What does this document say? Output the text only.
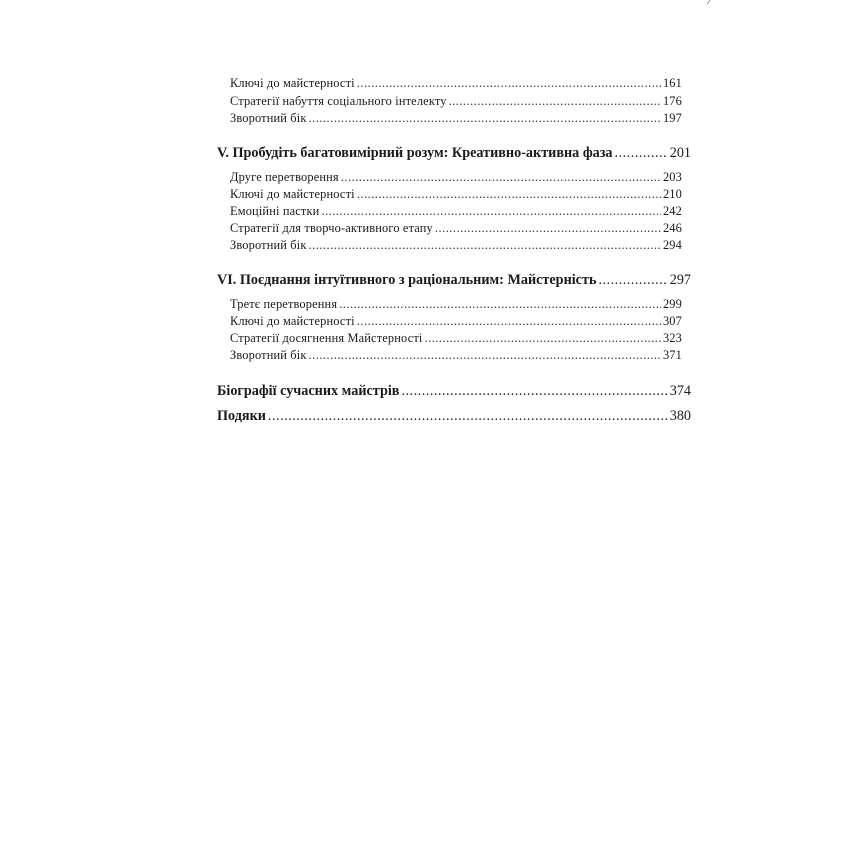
Ключі до майстерності .....	161
Стратегії набуття соціального інтелекту .....	176
Зворотний бік .....	197
V. Пробудіть багатовимірний розум: Креативно-активна фаза .....	201
Друге перетворення .....	203
Ключі до майстерності .....	210
Емоційні пастки .....	242
Стратегії для творчо-активного етапу .....	246
Зворотний бік .....	294
VI. Поєднання інтуїтивного з раціональним: Майстерність .....	297
Третє перетворення .....	299
Ключі до майстерності .....	307
Стратегії досягнення Майстерності .....	323
Зворотний бік .....	371
Біографії сучасних майстрів .....	374
Подяки .....	380
